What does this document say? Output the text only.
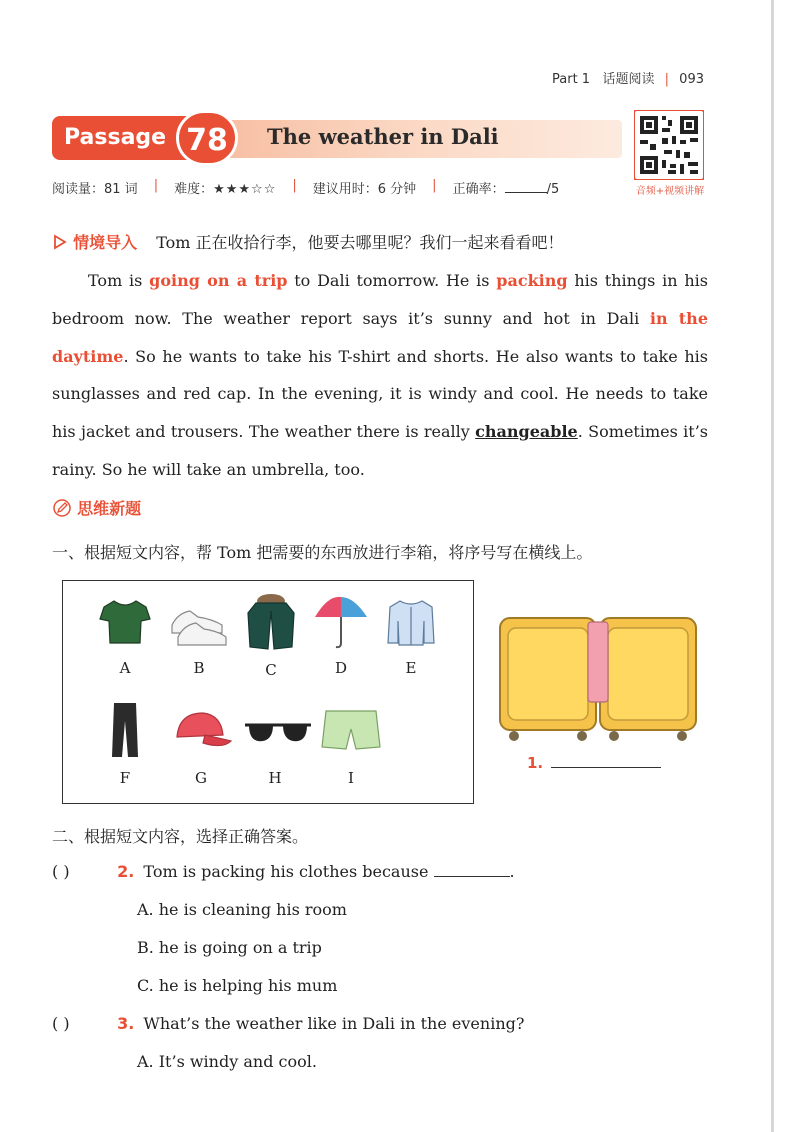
Part 1 话题阅读 | 093
Passage 78	The weather in Dali
音频+视频讲解
阅读量：81 词 | 难度：★★★☆☆ | 建议用时：6 分钟 | 正确率：	/5
情境导入 Tom 正在收拾行李，他要去哪里呢？我们一起来看看吧！

Tom is going on a trip to Dali tomorrow. He is packing his things in his bedroom now. The weather report says it’s sunny and hot in Dali in the daytime. So he wants to take his T-shirt and shorts. He also wants to take his sunglasses and red cap. In the evening, it is windy and cool. He needs to take his jacket and trousers. The weather there is really changeable. Sometimes it’s rainy. So he will take an umbrella, too.

思维新题
一、根据短文内容，帮 Tom 把需要的东西放进行李箱，将序号写在横线上。
A	B	C	D	E
F	G	H	I
1.
二、根据短文内容，选择正确答案。
( )	2. Tom is packing his clothes because	.
A. he is cleaning his room
B. he is going on a trip
C. he is helping his mum
( )	3. What’s the weather like in Dali in the evening?
A. It’s windy and cool.
